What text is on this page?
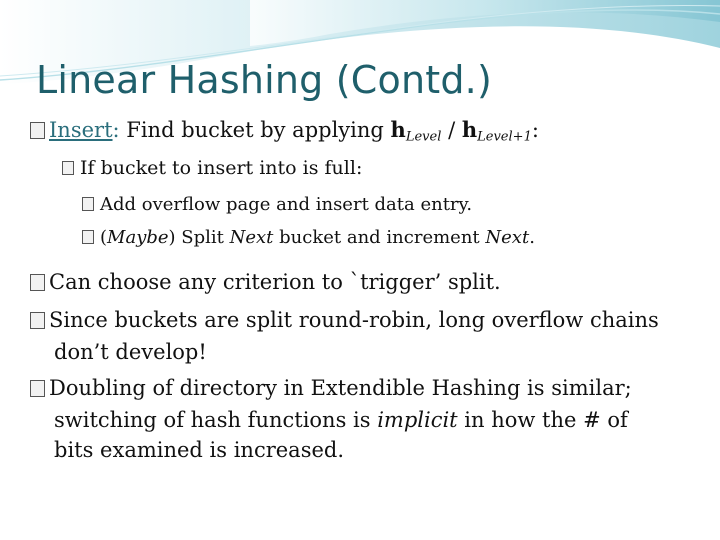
Linear Hashing (Contd.)
Insert: Find bucket by applying $h_{Level} / h_{Level+1}$:
If bucket to insert into is full:
Add overflow page and insert data entry.
(Maybe) Split Next bucket and increment Next.
Can choose any criterion to `trigger’ split.
Since buckets are split round-robin, long overflow chains
don’t develop!
Doubling of directory in Extendible Hashing is similar;
switching of hash functions is implicit in how the # of
bits examined is increased.
